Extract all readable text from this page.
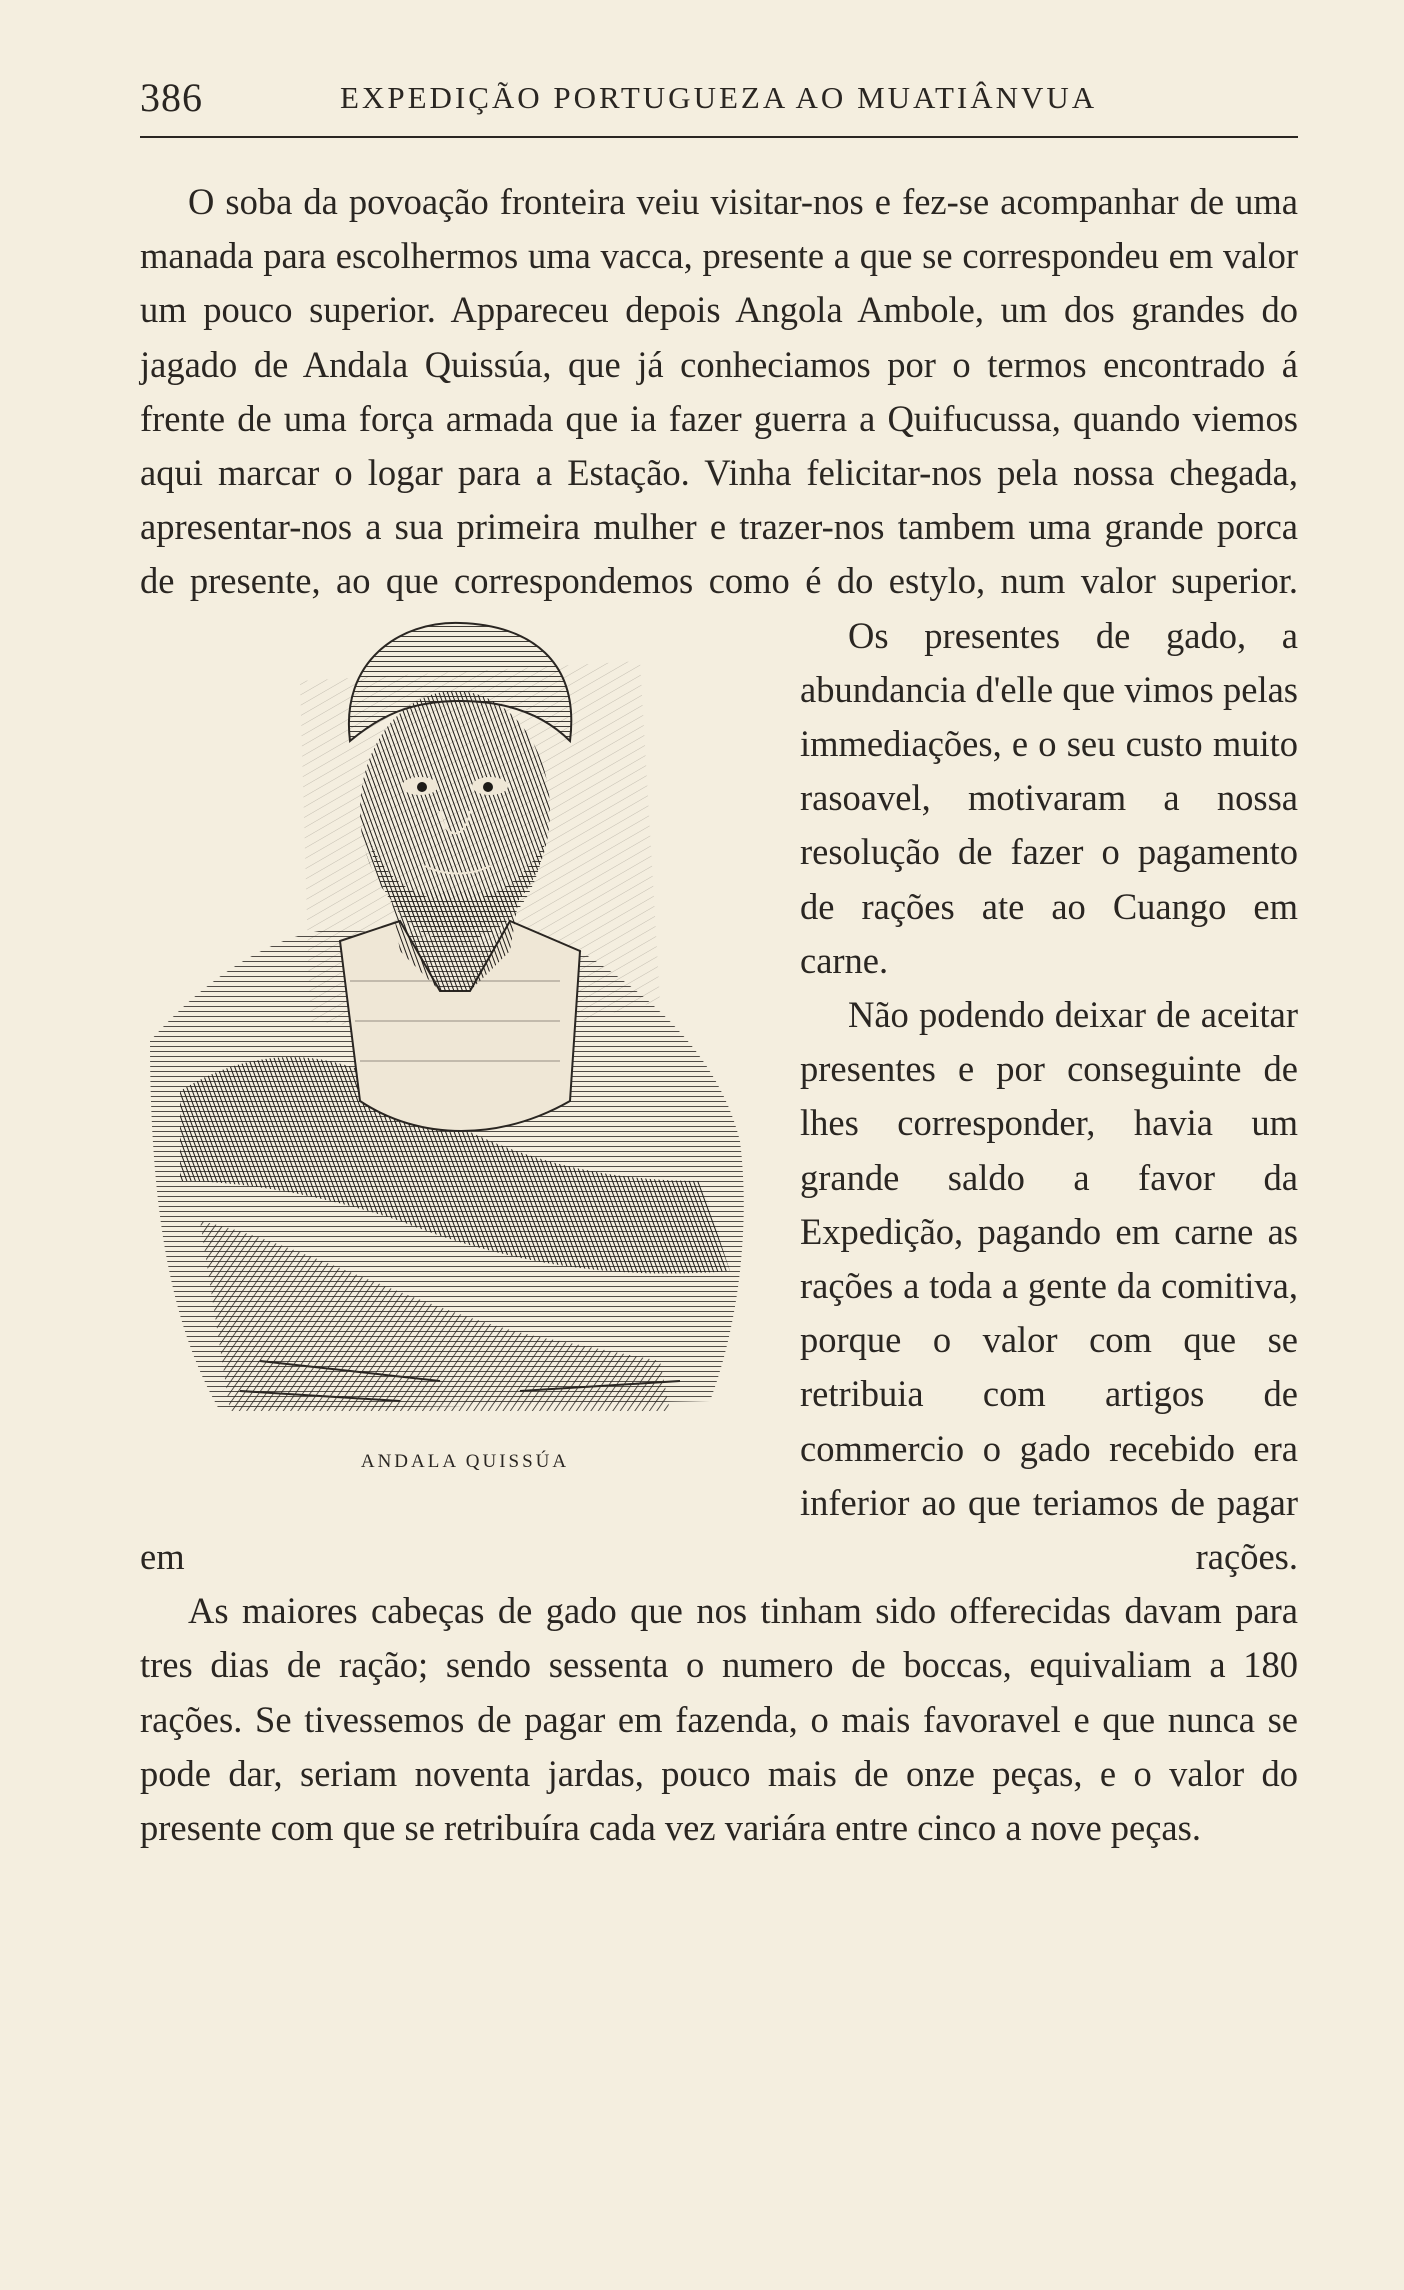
386	EXPEDIÇÃO PORTUGUEZA AO MUATIÂNVUA

O soba da povoação fronteira veiu visitar-nos e fez-se acompanhar de uma manada para escolhermos uma vacca, presente a que se correspondeu em valor um pouco superior. Appareceu depois Angola Ambole, um dos grandes do jagado de Andala Quissúa, que já conheciamos por o termos encontrado á frente de uma força armada que ia fazer guerra a Quifucussa, quando viemos aqui marcar o logar para a Estação. Vinha felicitar-nos pela nossa chegada, apresentar-nos a sua primeira mulher e trazer-nos tambem uma grande porca de presente, ao que correspondemos como é do estylo, num valor superior.

ANDALA QUISSÚA

Os presentes de gado, a abundancia d'elle que vimos pelas immediações, e o seu custo muito rasoavel, motivaram a nossa resolução de fazer o pagamento de rações ate ao Cuango em carne.

Não podendo deixar de aceitar presentes e por conseguinte de lhes corresponder, havia um grande saldo a favor da Expedição, pagando em carne as rações a toda a gente da comitiva, porque o valor com que se retribuia com artigos de commercio o gado recebido era inferior ao que teriamos de pagar em rações.

As maiores cabeças de gado que nos tinham sido offerecidas davam para tres dias de ração; sendo sessenta o numero de boccas, equivaliam a 180 rações. Se tivessemos de pagar em fazenda, o mais favoravel e que nunca se pode dar, seriam noventa jardas, pouco mais de onze peças, e o valor do presente com que se retribuíra cada vez variára entre cinco a nove peças.
